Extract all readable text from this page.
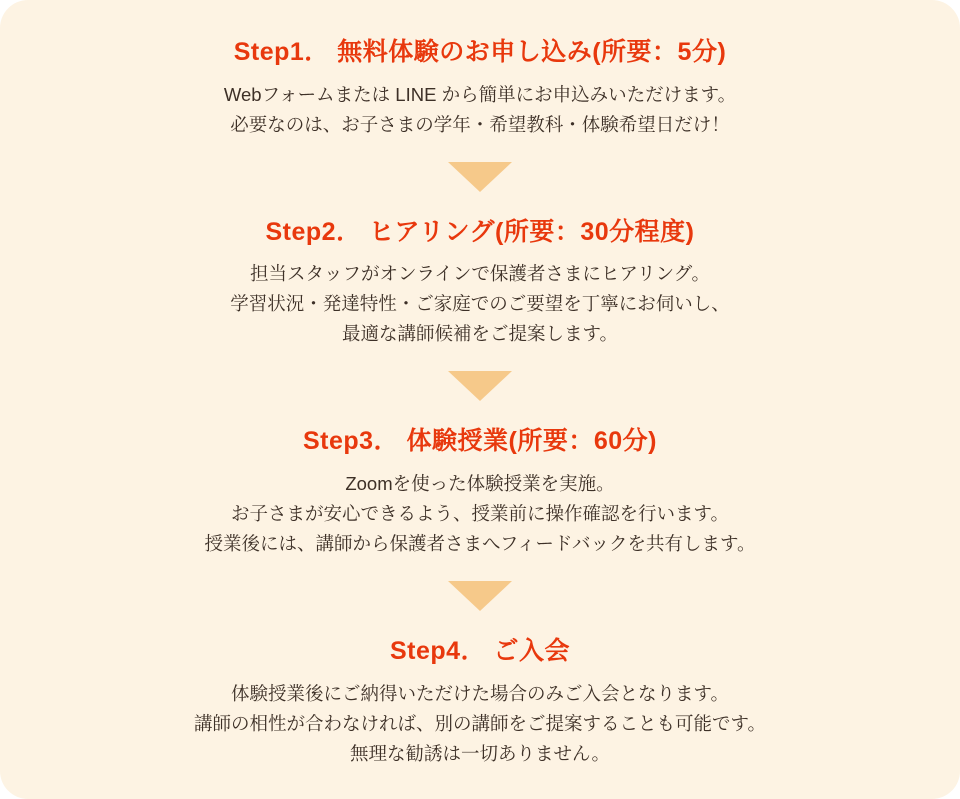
Step1． 無料体験のお申し込み(所要：5分)
Webフォームまたは LINE から簡単にお申込みいただけます。
必要なのは、お子さまの学年・希望教科・体験希望日だけ！
Step2． ヒアリング(所要：30分程度)
担当スタッフがオンラインで保護者さまにヒアリング。
学習状況・発達特性・ご家庭でのご要望を丁寧にお伺いし、
最適な講師候補をご提案します。
Step3． 体験授業(所要：60分)
Zoomを使った体験授業を実施。
お子さまが安心できるよう、授業前に操作確認を行います。
授業後には、講師から保護者さまへフィードバックを共有します。
Step4． ご入会
体験授業後にご納得いただけた場合のみご入会となります。
講師の相性が合わなければ、別の講師をご提案することも可能です。
無理な勧誘は一切ありません。
